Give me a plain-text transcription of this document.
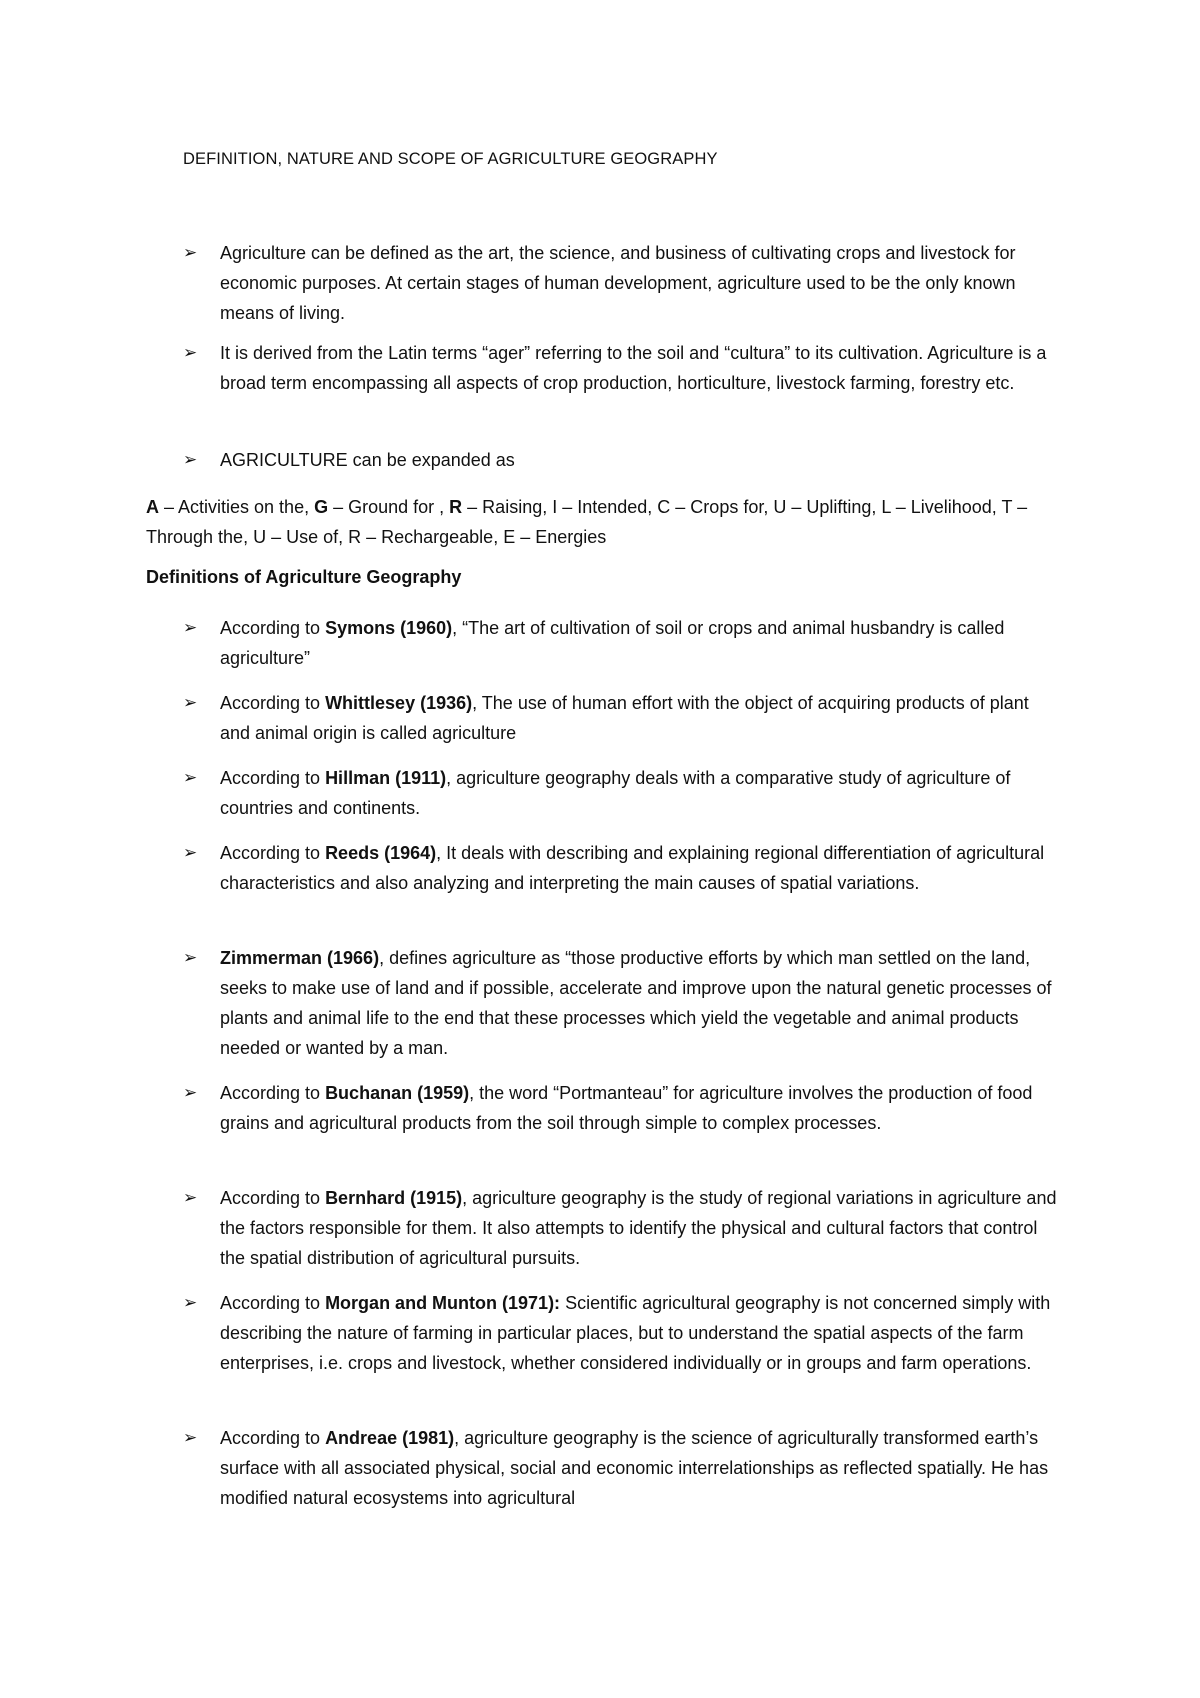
DEFINITION, NATURE AND SCOPE OF AGRICULTURE GEOGRAPHY
➢ Agriculture can be defined as the art, the science, and business of cultivating crops and livestock for economic purposes. At certain stages of human development, agriculture used to be the only known means of living.
➢ It is derived from the Latin terms “ager” referring to the soil and “cultura” to its cultivation. Agriculture is a broad term encompassing all aspects of crop production, horticulture, livestock farming, forestry etc.
➢ AGRICULTURE can be expanded as
A – Activities on the, G – Ground for , R – Raising, I – Intended, C – Crops for, U – Uplifting, L – Livelihood, T – Through the, U – Use of, R – Rechargeable, E – Energies
Definitions of Agriculture Geography
➢ According to Symons (1960), “The art of cultivation of soil or crops and animal husbandry is called agriculture”
➢ According to Whittlesey (1936), The use of human effort with the object of acquiring products of plant and animal origin is called agriculture
➢ According to Hillman (1911), agriculture geography deals with a comparative study of agriculture of countries and continents.
➢ According to Reeds (1964), It deals with describing and explaining regional differentiation of agricultural characteristics and also analyzing and interpreting the main causes of spatial variations.
➢ Zimmerman (1966), defines agriculture as “those productive efforts by which man settled on the land, seeks to make use of land and if possible, accelerate and improve upon the natural genetic processes of plants and animal life to the end that these processes which yield the vegetable and animal products needed or wanted by a man.
➢ According to Buchanan (1959), the word “Portmanteau” for agriculture involves the production of food grains and agricultural products from the soil through simple to complex processes.
➢ According to Bernhard (1915), agriculture geography is the study of regional variations in agriculture and the factors responsible for them. It also attempts to identify the physical and cultural factors that control the spatial distribution of agricultural pursuits.
➢ According to Morgan and Munton (1971): Scientific agricultural geography is not concerned simply with describing the nature of farming in particular places, but to understand the spatial aspects of the farm enterprises, i.e. crops and livestock, whether considered individually or in groups and farm operations.
➢ According to Andreae (1981), agriculture geography is the science of agriculturally transformed earth’s surface with all associated physical, social and economic interrelationships as reflected spatially. He has modified natural ecosystems into agricultural
